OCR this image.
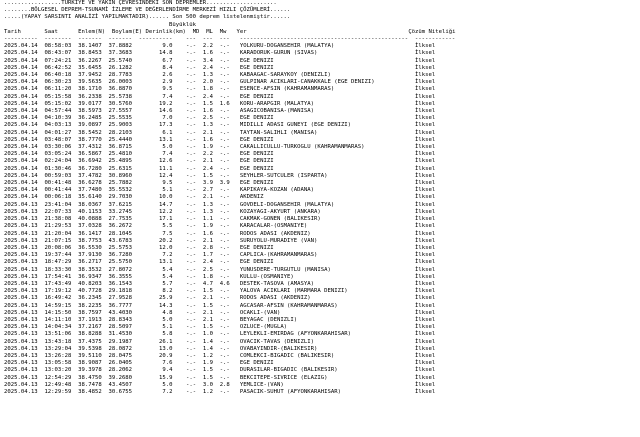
.................TÜRKİYE VE YAKIN ÇEVRESİNDEKİ SON DEPREMLER.....................
........BÖLGESEL DEPREM-TSUNAMİ İZLEME VE DEĞERLENDİRME MERKEZİ HIZLI ÇÖZÜMLERİ......
.....(YAPAY SARSINTI ANALİZİ YAPILMAKTADIR)...... Son 500 deprem listelenmiştir......
Büyüklük
Tarih	Saat	Enlem(N) Boylam(E) Derinlik(km) MD ML Mw Yer	Çözüm Niteliği
----------  --------  -------  -------  ----------    ---  ---  ---   --------------------------------------------------  ------------
2025.04.14 08:58:03 38.1407 37.8882         9.0 -.- 2.2 -.- YOLKURU-DOGANSEHIR (MALATYA)                        İlksel
2025.04.14 08:43:07 38.8453 37.3683        14.8 -.- 1.6 -.- KARADORUK-GURUN (SIVAS)                             İlksel
2025.04.14 07:24:21 36.2267 25.5740         6.7 -.- 3.4 -.- EGE DENIZI                                          İlksel
2025.04.14 06:42:52 35.6455 26.1282         8.4 -.- 2.4 -.- EGE DENIZI                                          İlksel
2025.04.14 06:40:18 37.9452 28.7783         2.6 -.- 1.3 -.- KABAAGAC-SARAYKOY (DENIZLI)                         İlksel
2025.04.14 06:30:23 39.5635 26.0003         2.9 -.- 2.0 -.- GULPINAR ACIKLARI-CANAKKALE (EGE DENIZI)            İlksel
2025.04.14 06:11:20 38.1710 36.8870         9.5 -.- 1.8 -.- ESENCE-AFSIN (KAHRAMANMARAS)                        İlksel
2025.04.14 05:15:58 36.2338 25.5738         7.4 -.- 2.4 -.- EGE DENIZI                                          İlksel
2025.04.14 05:15:02 39.0177 30.5760        19.2 -.- 1.5 1.6 KORU-ARAPGIR (MALATYA)                              İlksel
2025.04.14 04:57:44 38.5973 27.5557        14.6 -.- 1.6 -.- ASAGICOBANISA-(MANISA)                              İlksel
2025.04.14 04:10:39 36.2485 25.5535         7.0 -.- 2.5 -.- EGE DENIZI                                          İlksel
2025.04.14 04:03:13 39.0897 25.9003        17.3 -.- 1.3 -.- MIDILLI ADASI GUNEYI (EGE DENIZI)                   İlksel
2025.04.14 04:01:27 38.5452 28.2103         6.1 -.- 2.1 -.- TAYTAN-SALIHLI (MANISA)                             İlksel
2025.04.14 03:48:07 38.7770 25.4440        13.1 -.- 1.6 -.- EGE DENIZI                                          İlksel
2025.04.14 03:30:06 37.4312 36.8715         5.0 -.- 1.9 -.- CAKALLICULLU-TURKOGLU (KAHRAMANMARAS)               İlksel
2025.04.14 03:05:24 36.5867 25.4810         7.4 -.- 2.2 -.- EGE DENIZI                                          İlksel
2025.04.14 02:24:04 36.6942 25.4895        12.6 -.- 2.1 -.- EGE DENIZI                                          İlksel
2025.04.14 01:30:46 36.7280 25.6315        11.1 -.- 2.4 -.- EGE DENIZI                                          İlksel
2025.04.14 00:59:03 37.4782 30.8960        12.4 -.- 1.5 -.- SEYHLER-SUTCULER (ISPARTA)                          İlksel
2025.04.14 00:41:48 36.6278 25.7882         9.5 -.- 3.9 3.9 EGE DENIZI                                          İlksel
2025.04.14 00:41:44 37.7480 35.5532         5.1 -.- 2.7 -.- KAPIKAYA-KOZAN (ADANA)                              İlksel
2025.04.14 00:06:18 35.6140 29.7030        10.0 -.- 2.1 -.- AKDENIZ                                             İlksel
2025.04.13 23:41:04 38.0367 37.6215        14.7 -.- 1.3 -.- GOVDELI-DOGANSEHIR (MALATYA)                        İlksel
2025.04.13 22:07:33 40.1153 33.2745        12.2 -.- 1.3 -.- KOZAYAGI-AKYURT (ANKARA)                            İlksel
2025.04.13 21:38:08 40.0888 27.7535        17.1 -.- 1.1 -.- CAKMAK-GONEN (BALIKESIR)                            İlksel
2025.04.13 21:29:53 37.0328 36.2672         5.5 -.- 1.9 -.- KARACALAR-(OSMANIYE)                                İlksel
2025.04.13 21:20:04 36.1417 28.1045         7.5 -.- 1.6 -.- RODOS ADASI (AKDENIZ)                               İlksel
2025.04.13 21:07:15 38.7753 43.6783        20.2 -.- 2.1 -.- SURUYOLU-MURADIYE (VAN)                             İlksel
2025.04.13 20:08:06 36.5530 25.5753        12.0 -.- 2.8 -.- EGE DENIZI                                          İlksel
2025.04.13 19:37:44 37.9130 36.7280         7.2 -.- 1.7 -.- CAPLICA-(KAHRAMANMARAS)                             İlksel
2025.04.13 18:47:29 36.2717 25.5750        13.1 -.- 2.4 -.- EGE DENIZI                                          İlksel
2025.04.13 18:33:30 38.3532 27.8072         5.4 -.- 2.5 -.- YUNUSDERE-TURGUTLU (MANISA)                         İlksel
2025.04.13 17:54:41 36.9347 36.3555         5.4 -.- 1.8 -.- KULLU-(OSMANIYE)                                    İlksel
2025.04.13 17:43:49 40.8203 36.1543         5.7 -.- 4.7 4.6 DESTEK-TASOVA (AMASYA)                              İlksel
2025.04.13 17:19:12 40.7728 29.1818         8.2 -.- 1.5 -.- YALOVA ACIKLARI (MARMARA DENIZI)                    İlksel
2025.04.13 16:49:42 36.2345 27.9528        25.9 -.- 2.1 -.- RODOS ADASI (AKDENIZ)                               İlksel
2025.04.13 14:59:15 38.2235 36.7777        14.3 -.- 1.5 -.- AGCASAR-AFSIN (KAHRAMANMARAS)                       İlksel
2025.04.13 14:15:50 38.7597 43.4030         4.8 -.- 2.1 -.- OCAKLI-(VAN)                                        İlksel
2025.04.13 14:11:10 37.1913 28.8343         5.0 -.- 2.1 -.- BEYAGAC (DENIZLI)                                   İlksel
2025.04.13 14:04:34 37.2167 28.5097         5.1 -.- 1.5 -.- OZLUCE-(MUGLA)                                      İlksel
2025.04.13 13:51:06 38.8288 31.4530         5.8 -.- 1.0 -.- LEYLEKLI-EMIRDAG (AFYONKARAHISAR)                   İlksel
2025.04.13 13:43:18 37.4375 29.1987        26.1 -.- 1.4 -.- OVACIK-TAVAS (DENIZLI)                              İlksel
2025.04.13 13:29:04 39.5398 28.0872        13.0 -.- 1.4 -.- OVABAYINDIR-(BALIKESIR)                             İlksel
2025.04.13 13:26:28 39.5110 28.0475        20.9 -.- 1.2 -.- COMLEKCI-BIGADIC (BALIKESIR)                        İlksel
2025.04.13 13:05:58 38.9087 26.0405         7.6 -.- 1.9 -.- EGE DENIZI                                          İlksel
2025.04.13 13:03:20 39.3978 28.2062         9.4 -.- 1.5 -.- DURASILAR-BIGADIC (BALIKESIR)                       İlksel
2025.04.13 12:54:29 38.4750 39.2680        15.9 -.- 1.5 -.- BEKCITEPE-SIVRICE (ELAZIG)                          İlksel
2025.04.13 12:49:48 38.7478 43.4507         5.0 -.- 3.0 2.8 YEMLICE-(VAN)                                       İlksel
2025.04.13 12:29:59 38.4852 30.6755         7.2 -.- 1.2 -.- PASACIK-SUHUT (AFYONKARAHISAR)                      İlksel
